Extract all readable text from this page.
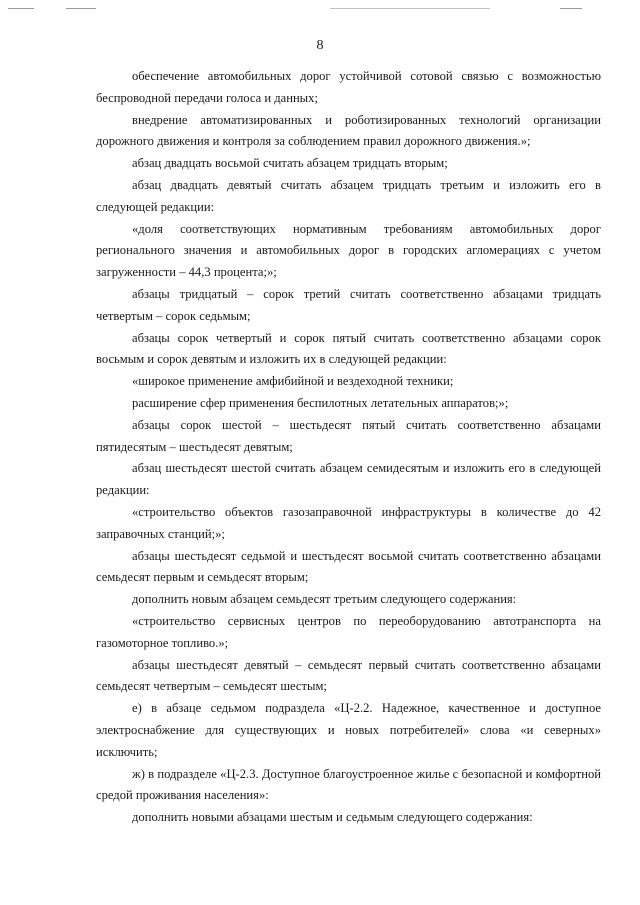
8

обеспечение автомобильных дорог устойчивой сотовой связью с возможностью беспроводной передачи голоса и данных;

внедрение автоматизированных и роботизированных технологий организации дорожного движения и контроля за соблюдением правил дорожного движения.»;

абзац двадцать восьмой считать абзацем тридцать вторым;

абзац двадцать девятый считать абзацем тридцать третьим и изложить его в следующей редакции:

«доля соответствующих нормативным требованиям автомобильных дорог регионального значения и автомобильных дорог в городских агломерациях с учетом загруженности – 44,3 процента;»;

абзацы тридцатый – сорок третий считать соответственно абзацами тридцать четвертым – сорок седьмым;

абзацы сорок четвертый и сорок пятый считать соответственно абзацами сорок восьмым и сорок девятым и изложить их в следующей редакции:

«широкое применение амфибийной и вездеходной техники;

расширение сфер применения беспилотных летательных аппаратов;»;

абзацы сорок шестой – шестьдесят пятый считать соответственно абзацами пятидесятым – шестьдесят девятым;

абзац шестьдесят шестой считать абзацем семидесятым и изложить его в следующей редакции:

«строительство объектов газозаправочной инфраструктуры в количестве до 42 заправочных станций;»;

абзацы шестьдесят седьмой и шестьдесят восьмой считать соответственно абзацами семьдесят первым и семьдесят вторым;

дополнить новым абзацем семьдесят третьим следующего содержания:

«строительство сервисных центров по переоборудованию автотранспорта на газомоторное топливо.»;

абзацы шестьдесят девятый – семьдесят первый считать соответственно абзацами семьдесят четвертым – семьдесят шестым;

е) в абзаце седьмом подраздела «Ц-2.2. Надежное, качественное и доступное электроснабжение для существующих и новых потребителей» слова «и северных» исключить;

ж) в подразделе «Ц-2.3. Доступное благоустроенное жилье с безопасной и комфортной средой проживания населения»:

дополнить новыми абзацами шестым и седьмым следующего содержания:
